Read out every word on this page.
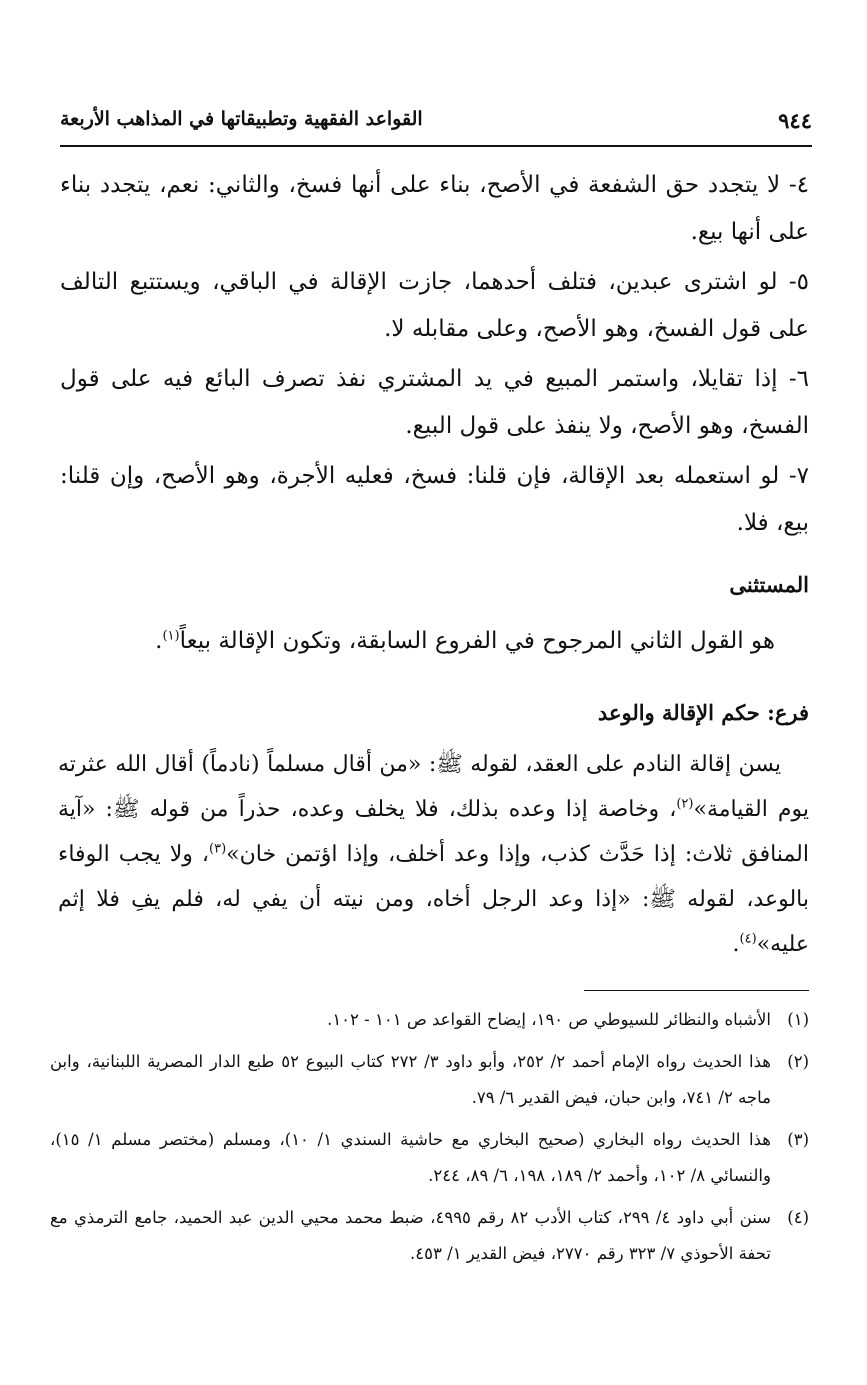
٩٤٤
القواعد الفقهية وتطبيقاتها في المذاهب الأربعة

٤- لا يتجدد حق الشفعة في الأصح، بناء على أنها فسخ، والثاني: نعم، يتجدد بناء على أنها بيع.

٥- لو اشترى عبدين، فتلف أحدهما، جازت الإقالة في الباقي، ويستتبع التالف على قول الفسخ، وهو الأصح، وعلى مقابله لا.

٦- إذا تقايلا، واستمر المبيع في يد المشتري نفذ تصرف البائع فيه على قول الفسخ، وهو الأصح، ولا ينفذ على قول البيع.

٧- لو استعمله بعد الإقالة، فإن قلنا: فسخ، فعليه الأجرة، وهو الأصح، وإن قلنا: بيع، فلا.

المستثنى
هو القول الثاني المرجوح في الفروع السابقة، وتكون الإقالة بيعاً$^{(١)}$.
فرع: حكم الإقالة والوعد
يسن إقالة النادم على العقد، لقوله ﷺ: «من أقال مسلماً (نادماً) أقال الله عثرته يوم القيامة»$^{(٢)}$، وخاصة إذا وعده بذلك، فلا يخلف وعده، حذراً من قوله ﷺ: «آية المنافق ثلاث: إذا حَدَّث كذب، وإذا وعد أخلف، وإذا اؤتمن خان»$^{(٣)}$، ولا يجب الوفاء بالوعد، لقوله ﷺ: «إذا وعد الرجل أخاه، ومن نيته أن يفي له، فلم يفِ فلا إثم عليه»$^{(٤)}$.
(١)
الأشباه والنظائر للسيوطي ص ١٩٠، إيضاح القواعد ص ١٠١ - ١٠٢.
(٢)
هذا الحديث رواه الإمام أحمد ٢/ ٢٥٢، وأبو داود ٣/ ٢٧٢ كتاب البيوع ٥٢ طبع الدار المصرية اللبنانية، وابن ماجه ٢/ ٧٤١، وابن حبان، فيض القدير ٦/ ٧٩.
(٣)
هذا الحديث رواه البخاري (صحيح البخاري مع حاشية السندي ١/ ١٠)، ومسلم (مختصر مسلم ١/ ١٥)، والنسائي ٨/ ١٠٢، وأحمد ٢/ ١٨٩، ١٩٨، ٦/ ٨٩، ٢٤٤.
(٤)
سنن أبي داود ٤/ ٢٩٩، كتاب الأدب ٨٢ رقم ٤٩٩٥، ضبط محمد محيي الدين عبد الحميد، جامع الترمذي مع تحفة الأحوذي ٧/ ٣٢٣ رقم ٢٧٧٠، فيض القدير ١/ ٤٥٣.
